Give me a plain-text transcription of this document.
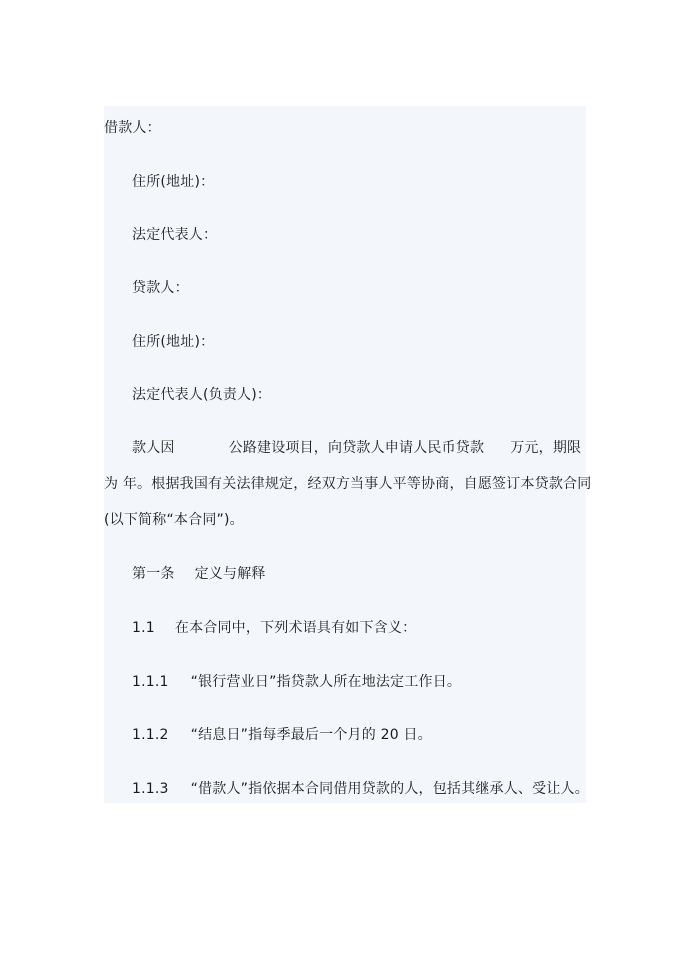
借款人：
住所(地址)：
法定代表人：
贷款人：
住所(地址)：
法定代表人(负责人)：
款人因	公路建设项目，向贷款人申请人民币贷款 万元，期限
为 年。根据我国有关法律规定，经双方当事人平等协商，自愿签订本贷款合同
(以下简称“本合同”)。
第一条 定义与解释
1.1 在本合同中，下列术语具有如下含义：
1.1.1 “银行营业日”指贷款人所在地法定工作日。
1.1.2 “结息日”指每季最后一个月的 20 日。
1.1.3 “借款人”指依据本合同借用贷款的人，包括其继承人、受让人。
